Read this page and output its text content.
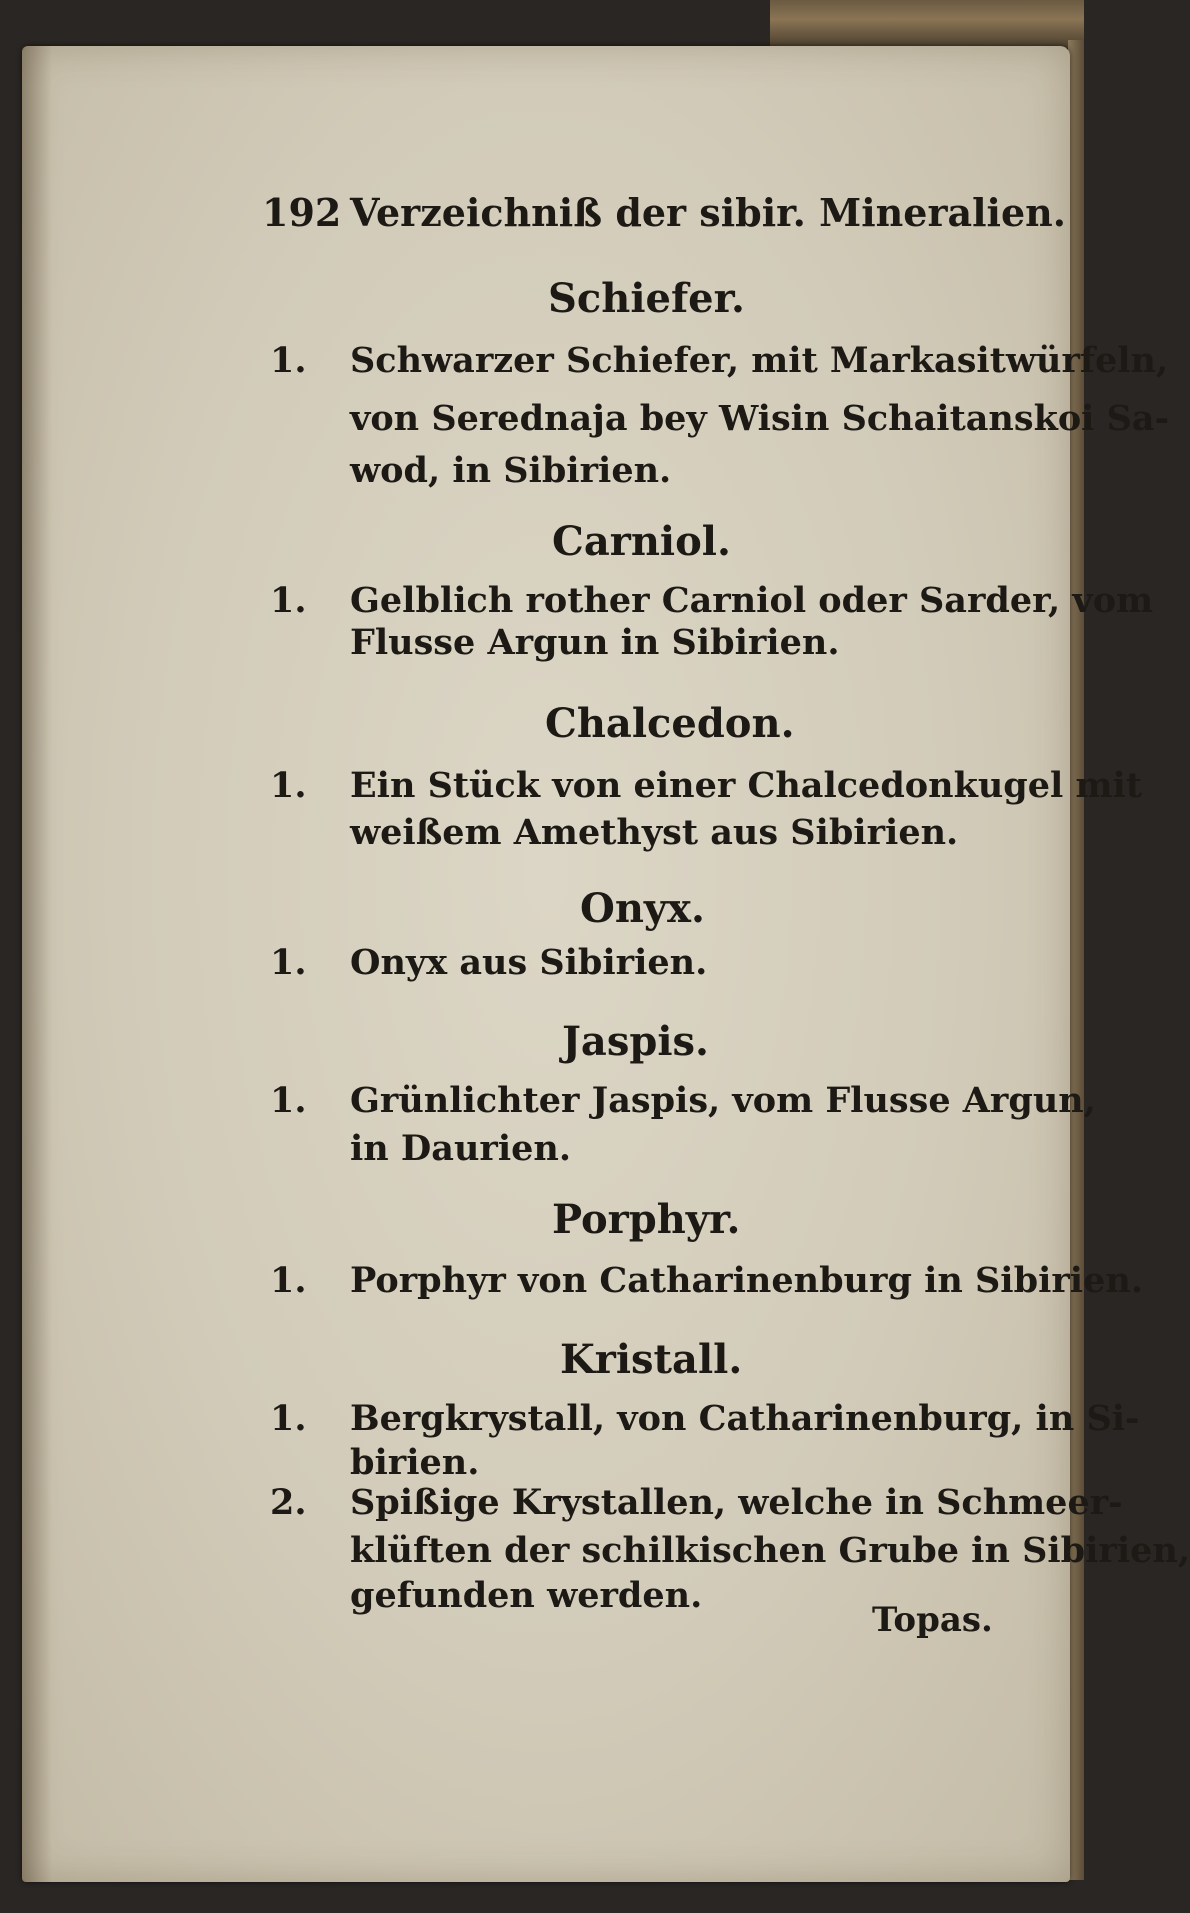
192 Verzeichniß der sibir. Mineralien.
Schiefer.
1. Schwarzer Schiefer, mit Markasitwürfeln,
von Serednaja bey Wisin Schaitanskoi Sa-
wod, in Sibirien.
Carniol.
1. Gelblich rother Carniol oder Sarder, vom
Flusse Argun in Sibirien.
Chalcedon.
1. Ein Stück von einer Chalcedonkugel mit
weißem Amethyst aus Sibirien.
Onyx.
1. Onyx aus Sibirien.
Jaspis.
1. Grünlichter Jaspis, vom Flusse Argun,
in Daurien.
Porphyr.
1. Porphyr von Catharinenburg in Sibirien.
Kristall.
1. Bergkrystall, von Catharinenburg, in Si-
birien.
2. Spißige Krystallen, welche in Schmeer-
klüften der schilkischen Grube in Sibirien,
gefunden werden.
Topas.
